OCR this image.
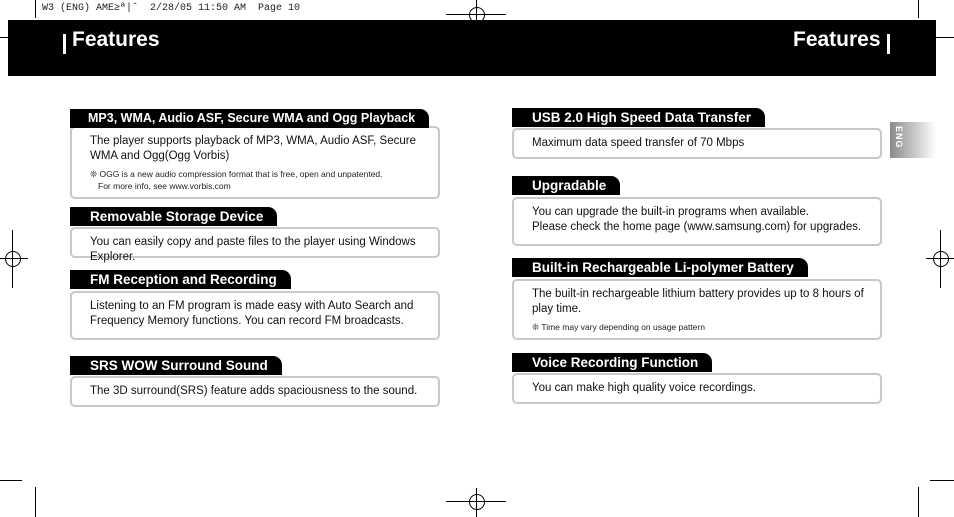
W3 (ENG) AME≥ª|ˆ  2/28/05 11:50 AM  Page 10
Features	Features
ENG
The player supports playback of MP3, WMA, Audio ASF, Secure WMA and Ogg(Ogg Vorbis)
❊ OGG is a new audio compression format that is free, open and unpatented.
For more info, see www.vorbis.com
MP3, WMA, Audio ASF, Secure WMA and Ogg Playback
You can easily copy and paste files to the player using Windows Explorer.
Removable Storage Device
Listening to an FM program is made easy with Auto Search and Frequency Memory functions. You can record FM broadcasts.
FM Reception and Recording
The 3D surround(SRS) feature adds spaciousness to the sound.
SRS WOW Surround Sound
Maximum data speed transfer of 70 Mbps
USB 2.0 High Speed Data Transfer
You can upgrade the built-in programs when available.
Please check the home page (www.samsung.com) for upgrades.
Upgradable
The built-in rechargeable lithium battery provides up to 8 hours of play time.
❊ Time may vary depending on usage pattern
Built-in Rechargeable Li-polymer Battery
You can make high quality voice recordings.
Voice Recording Function
